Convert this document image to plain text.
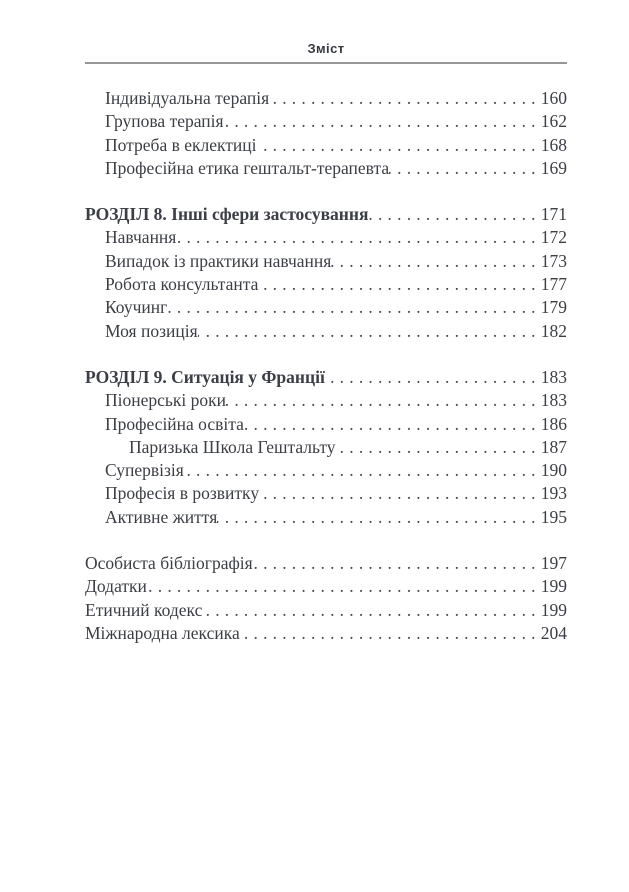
Зміст
Індивідуальна терапія .....	160
Групова терапія .....	162
Потреба в еклектиці .....	168
Професійна етика гештальт-терапевта .....	169
РОЗДІЛ 8. Інші сфери застосування .....	171
Навчання .....	172
Випадок із практики навчання .....	173
Робота консультанта .....	177
Коучинг .....	179
Моя позиція .....	182
РОЗДІЛ 9. Ситуація у Франції .....	183
Піонерські роки .....	183
Професійна освіта .....	186
Паризька Школа Гештальту .....	187
Супервізія .....	190
Професія в розвитку .....	193
Активне життя .....	195
Особиста бібліографія .....	197
Додатки .....	199
Етичний кодекс .....	199
Міжнародна лексика .....	204
